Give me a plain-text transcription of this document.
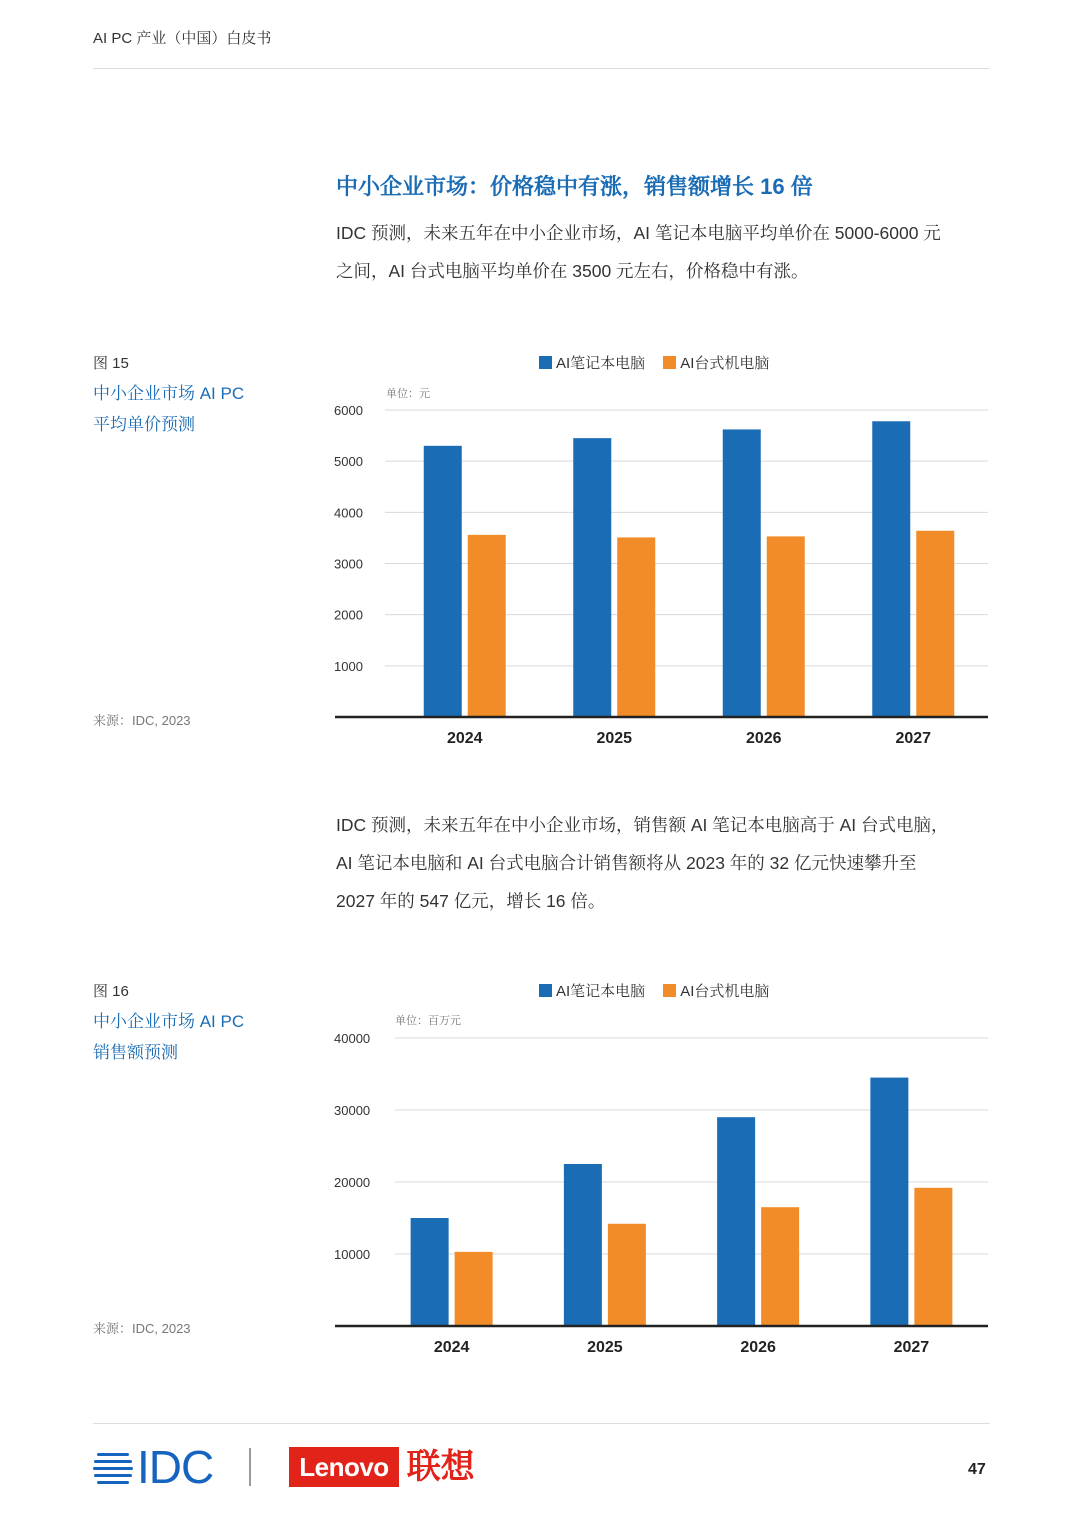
AI PC 产业（中国）白皮书
中小企业市场：价格稳中有涨，销售额增长 16 倍

IDC 预测，未来五年在中小企业市场，AI 笔记本电脑平均单价在 5000-6000 元

之间，AI 台式电脑平均单价在 3500 元左右，价格稳中有涨。

图 15
中小企业市场 AI PC
平均单价预测
来源：IDC, 2023
AI笔记本电脑 AI台式机电脑
单位：元
1000
2000
3000
4000
5000
6000
2024	2025	2026	2027

IDC 预测，未来五年在中小企业市场，销售额 AI 笔记本电脑高于 AI 台式电脑，

AI 笔记本电脑和 AI 台式电脑合计销售额将从 2023 年的 32 亿元快速攀升至

2027 年的 547 亿元，增长 16 倍。

图 16
中小企业市场 AI PC
销售额预测
来源：IDC, 2023
AI笔记本电脑 AI台式机电脑
单位：百万元
10000
20000
30000
40000
2024	2025	2026	2027
IDC	Lenovo 联想	47
